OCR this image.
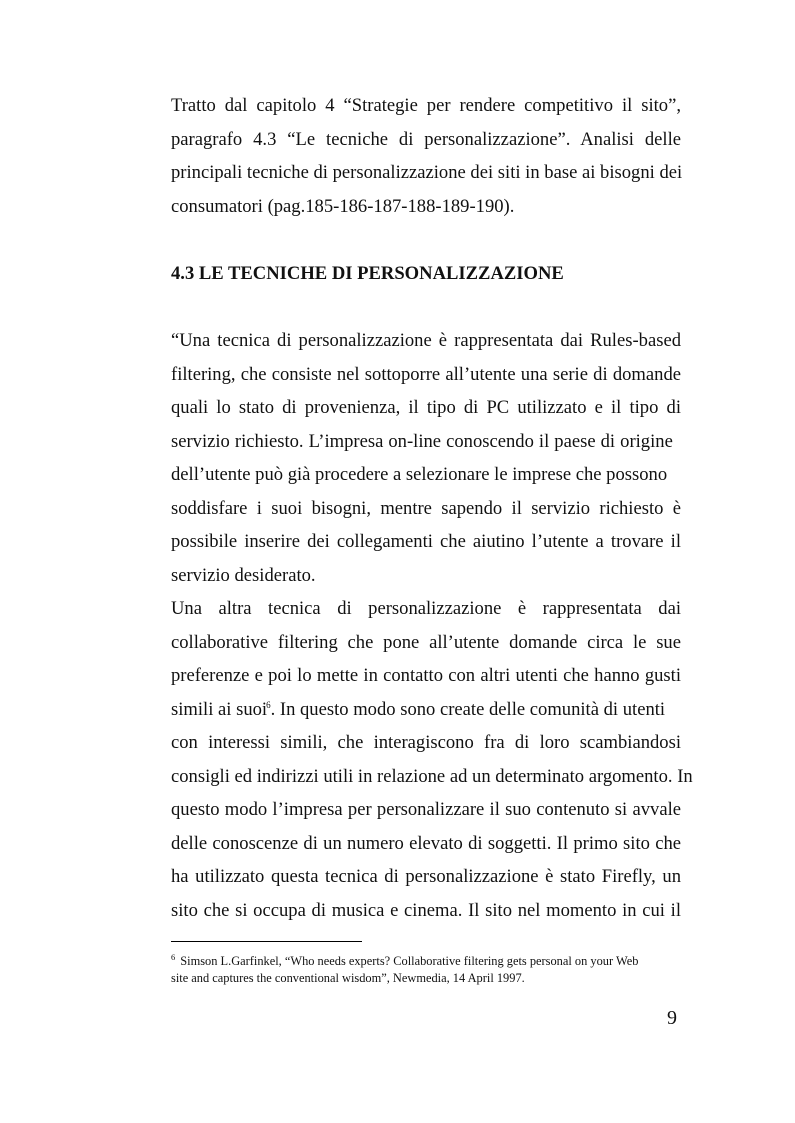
Tratto dal capitolo 4 “Strategie per rendere competitivo il sito”,
paragrafo 4.3 “Le tecniche di personalizzazione”. Analisi delle
principali tecniche di personalizzazione dei siti in base ai bisogni dei
consumatori (pag.185-186-187-188-189-190).
4.3 LE TECNICHE DI PERSONALIZZAZIONE
“Una tecnica di personalizzazione è rappresentata dai Rules-based
filtering, che consiste nel sottoporre all’utente una serie di domande
quali lo stato di provenienza, il tipo di PC utilizzato e il tipo di
servizio richiesto. L’impresa on-line conoscendo il paese di origine
dell’utente può già procedere a selezionare le imprese che possono
soddisfare i suoi bisogni, mentre sapendo il servizio richiesto è
possibile inserire dei collegamenti che aiutino l’utente a trovare il
servizio desiderato.
Una altra tecnica di personalizzazione è rappresentata dai
collaborative filtering che pone all’utente domande circa le sue
preferenze e poi lo mette in contatto con altri utenti che hanno gusti
simili ai suoi$^6$. In questo modo sono create delle comunità di utenti
con interessi simili, che interagiscono fra di loro scambiandosi
consigli ed indirizzi utili in relazione ad un determinato argomento. In
questo modo l’impresa per personalizzare il suo contenuto si avvale
delle conoscenze di un numero elevato di soggetti. Il primo sito che
ha utilizzato questa tecnica di personalizzazione è stato Firefly, un
sito che si occupa di musica e cinema. Il sito nel momento in cui il
$^6$ Simson L.Garfinkel, “Who needs experts? Collaborative filtering gets personal on your Web
site and captures the conventional wisdom”, Newmedia, 14 April 1997.
9
